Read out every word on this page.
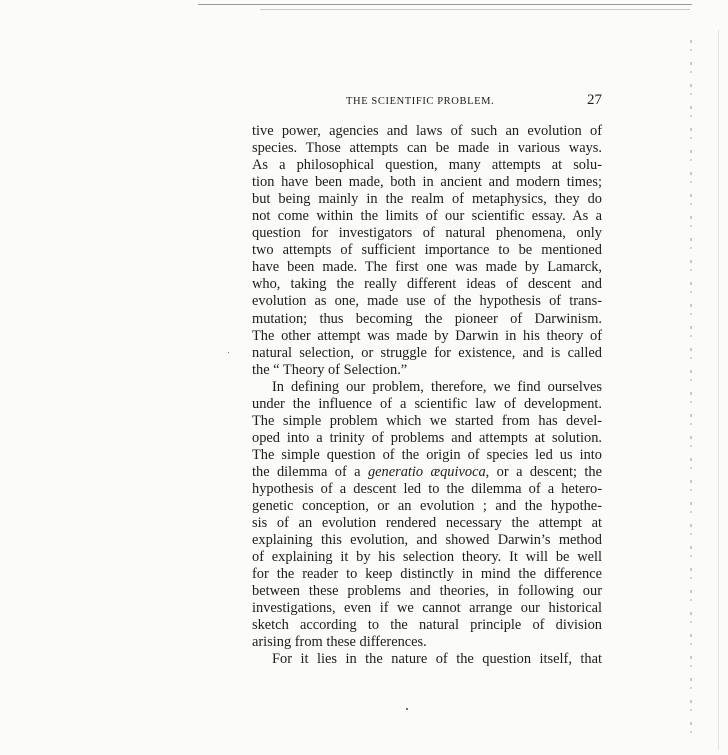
THE SCIENTIFIC PROBLEM.	27
tive power, agencies and laws of such an evolution of
species. Those attempts can be made in various ways.
As a philosophical question, many attempts at solu-
tion have been made, both in ancient and modern times;
but being mainly in the realm of metaphysics, they do
not come within the limits of our scientific essay. As a
question for investigators of natural phenomena, only
two attempts of sufficient importance to be mentioned
have been made. The first one was made by Lamarck,
who, taking the really different ideas of descent and
evolution as one, made use of the hypothesis of trans-
mutation; thus becoming the pioneer of Darwinism.
The other attempt was made by Darwin in his theory of
natural selection, or struggle for existence, and is called
the “ Theory of Selection.”
In defining our problem, therefore, we find ourselves
under the influence of a scientific law of development.
The simple problem which we started from has devel-
oped into a trinity of problems and attempts at solution.
The simple question of the origin of species led us into
the dilemma of a generatio æquivoca, or a descent; the
hypothesis of a descent led to the dilemma of a hetero-
genetic conception, or an evolution ; and the hypothe-
sis of an evolution rendered necessary the attempt at
explaining this evolution, and showed Darwin’s method
of explaining it by his selection theory. It will be well
for the reader to keep distinctly in mind the difference
between these problems and theories, in following our
investigations, even if we cannot arrange our historical
sketch according to the natural principle of division
arising from these differences.
For it lies in the nature of the question itself, that
